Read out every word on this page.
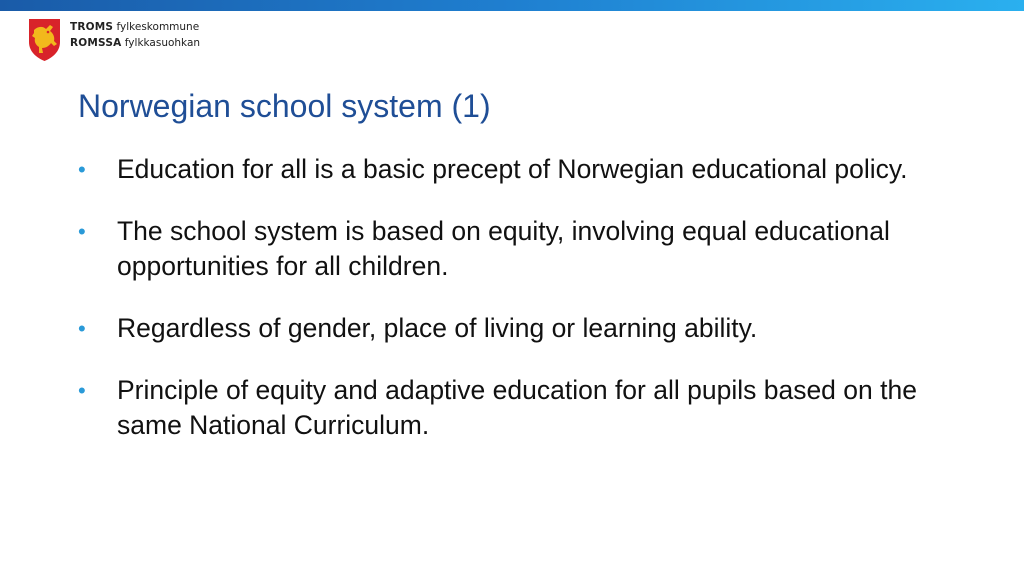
TROMS fylkeskommune
ROMSSA fylkkasuohkan
Norwegian school system (1)
• Education for all is a basic precept of Norwegian educational policy.
• The school system is based on equity, involving equal educational opportunities for all children.
• Regardless of gender, place of living or learning ability.
• Principle of equity and adaptive education for all pupils based on the same National Curriculum.
